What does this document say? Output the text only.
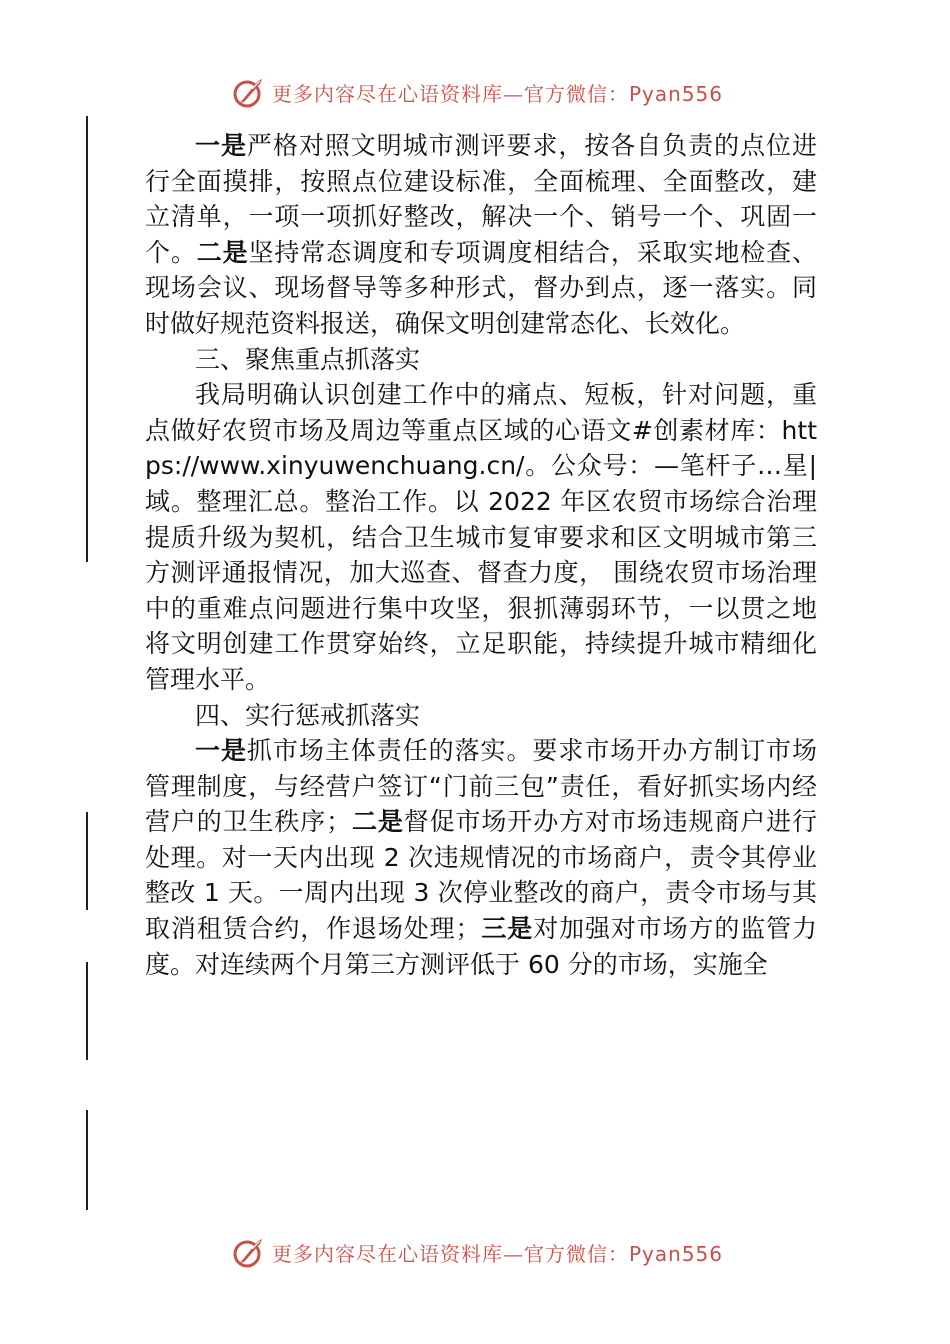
更多内容尽在心语资料库—官方微信：Pyan556

一是严格对照文明城市测评要求，按各自负责的点位进行全面摸排，按照点位建设标准，全面梳理、全面整改，建立清单，一项一项抓好整改，解决一个、销号一个、巩固一个。二是坚持常态调度和专项调度相结合，采取实地检查、现场会议、现场督导等多种形式，督办到点，逐一落实。同时做好规范资料报送，确保文明创建常态化、长效化。

三、聚焦重点抓落实

我局明确认识创建工作中的痛点、短板，针对问题，重点做好农贸市场及周边等重点区域的心语文#创素材库：https://www.xinyuwenchuang.cn/。公众号：—笔杆子…星|域。整理汇总。整治工作。以 2022 年区农贸市场综合治理提质升级为契机，结合卫生城市复审要求和区文明城市第三方测评通报情况，加大巡查、督查力度， 围绕农贸市场治理中的重难点问题进行集中攻坚，狠抓薄弱环节，一以贯之地将文明创建工作贯穿始终，立足职能，持续提升城市精细化管理水平。

四、实行惩戒抓落实

一是抓市场主体责任的落实。要求市场开办方制订市场管理制度，与经营户签订“门前三包”责任，看好抓实场内经营户的卫生秩序；二是督促市场开办方对市场违规商户进行处理。对一天内出现 2 次违规情况的市场商户，责令其停业整改 1 天。一周内出现 3 次停业整改的商户，责令市场与其取消租赁合约，作退场处理；三是对加强对市场方的监管力度。对连续两个月第三方测评低于 60 分的市场，实施全

更多内容尽在心语资料库—官方微信：Pyan556
